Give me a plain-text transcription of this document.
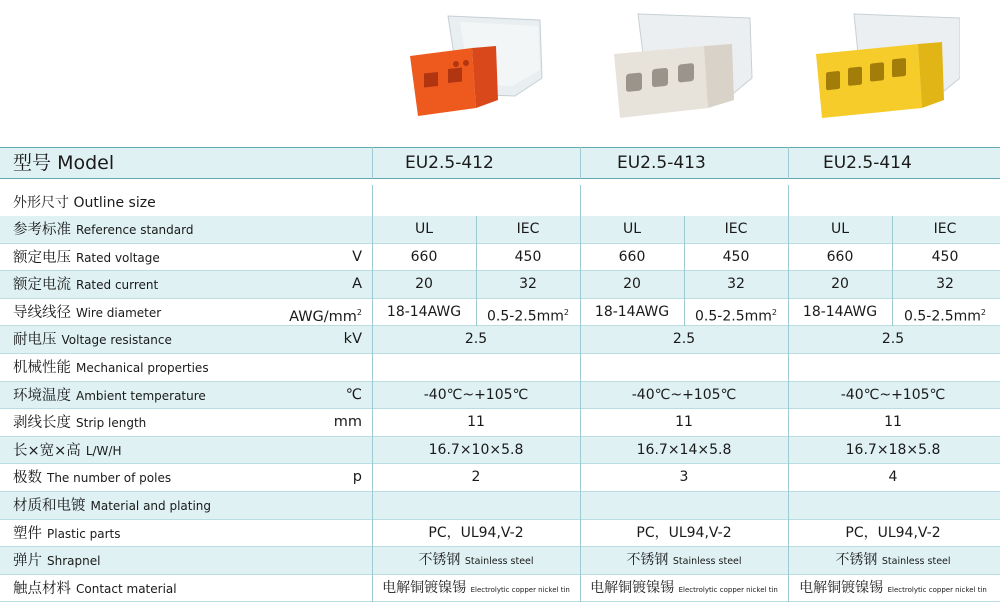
型号 Model	EU2.5-412	EU2.5-413	EU2.5-414
外形尺寸 Outline size
参考标准 Reference standard	UL	IEC	UL	IEC	UL	IEC
额定电压 Rated voltage	V	660	450	660	450	660	450
额定电流 Rated current	A	20	32	20	32	20	32
导线线径 Wire diameter	AWG/$mm^2$	18-14AWG	$0.5-2.5mm^2$	18-14AWG	$0.5-2.5mm^2$	18-14AWG	$0.5-2.5mm^2$
耐电压 Voltage resistance	kV	2.5	2.5	2.5
机械性能 Mechanical properties
环境温度 Ambient temperature	℃	-40℃~+105℃	-40℃~+105℃	-40℃~+105℃
剥线长度 Strip length	mm	11	11	11
长×宽×高 L/W/H	16.7×10×5.8	16.7×14×5.8	16.7×18×5.8
极数 The number of poles	p	2	3	4
材质和电镀 Material and plating
塑件 Plastic parts	PC，UL94,V-2	PC，UL94,V-2	PC，UL94,V-2
弹片 Shrapnel	不锈钢 Stainless steel	不锈钢 Stainless steel	不锈钢 Stainless steel
触点材料 Contact material	电解铜镀镍锡 Electrolytic copper nickel tin	电解铜镀镍锡 Electrolytic copper nickel tin	电解铜镀镍锡 Electrolytic copper nickel tin
